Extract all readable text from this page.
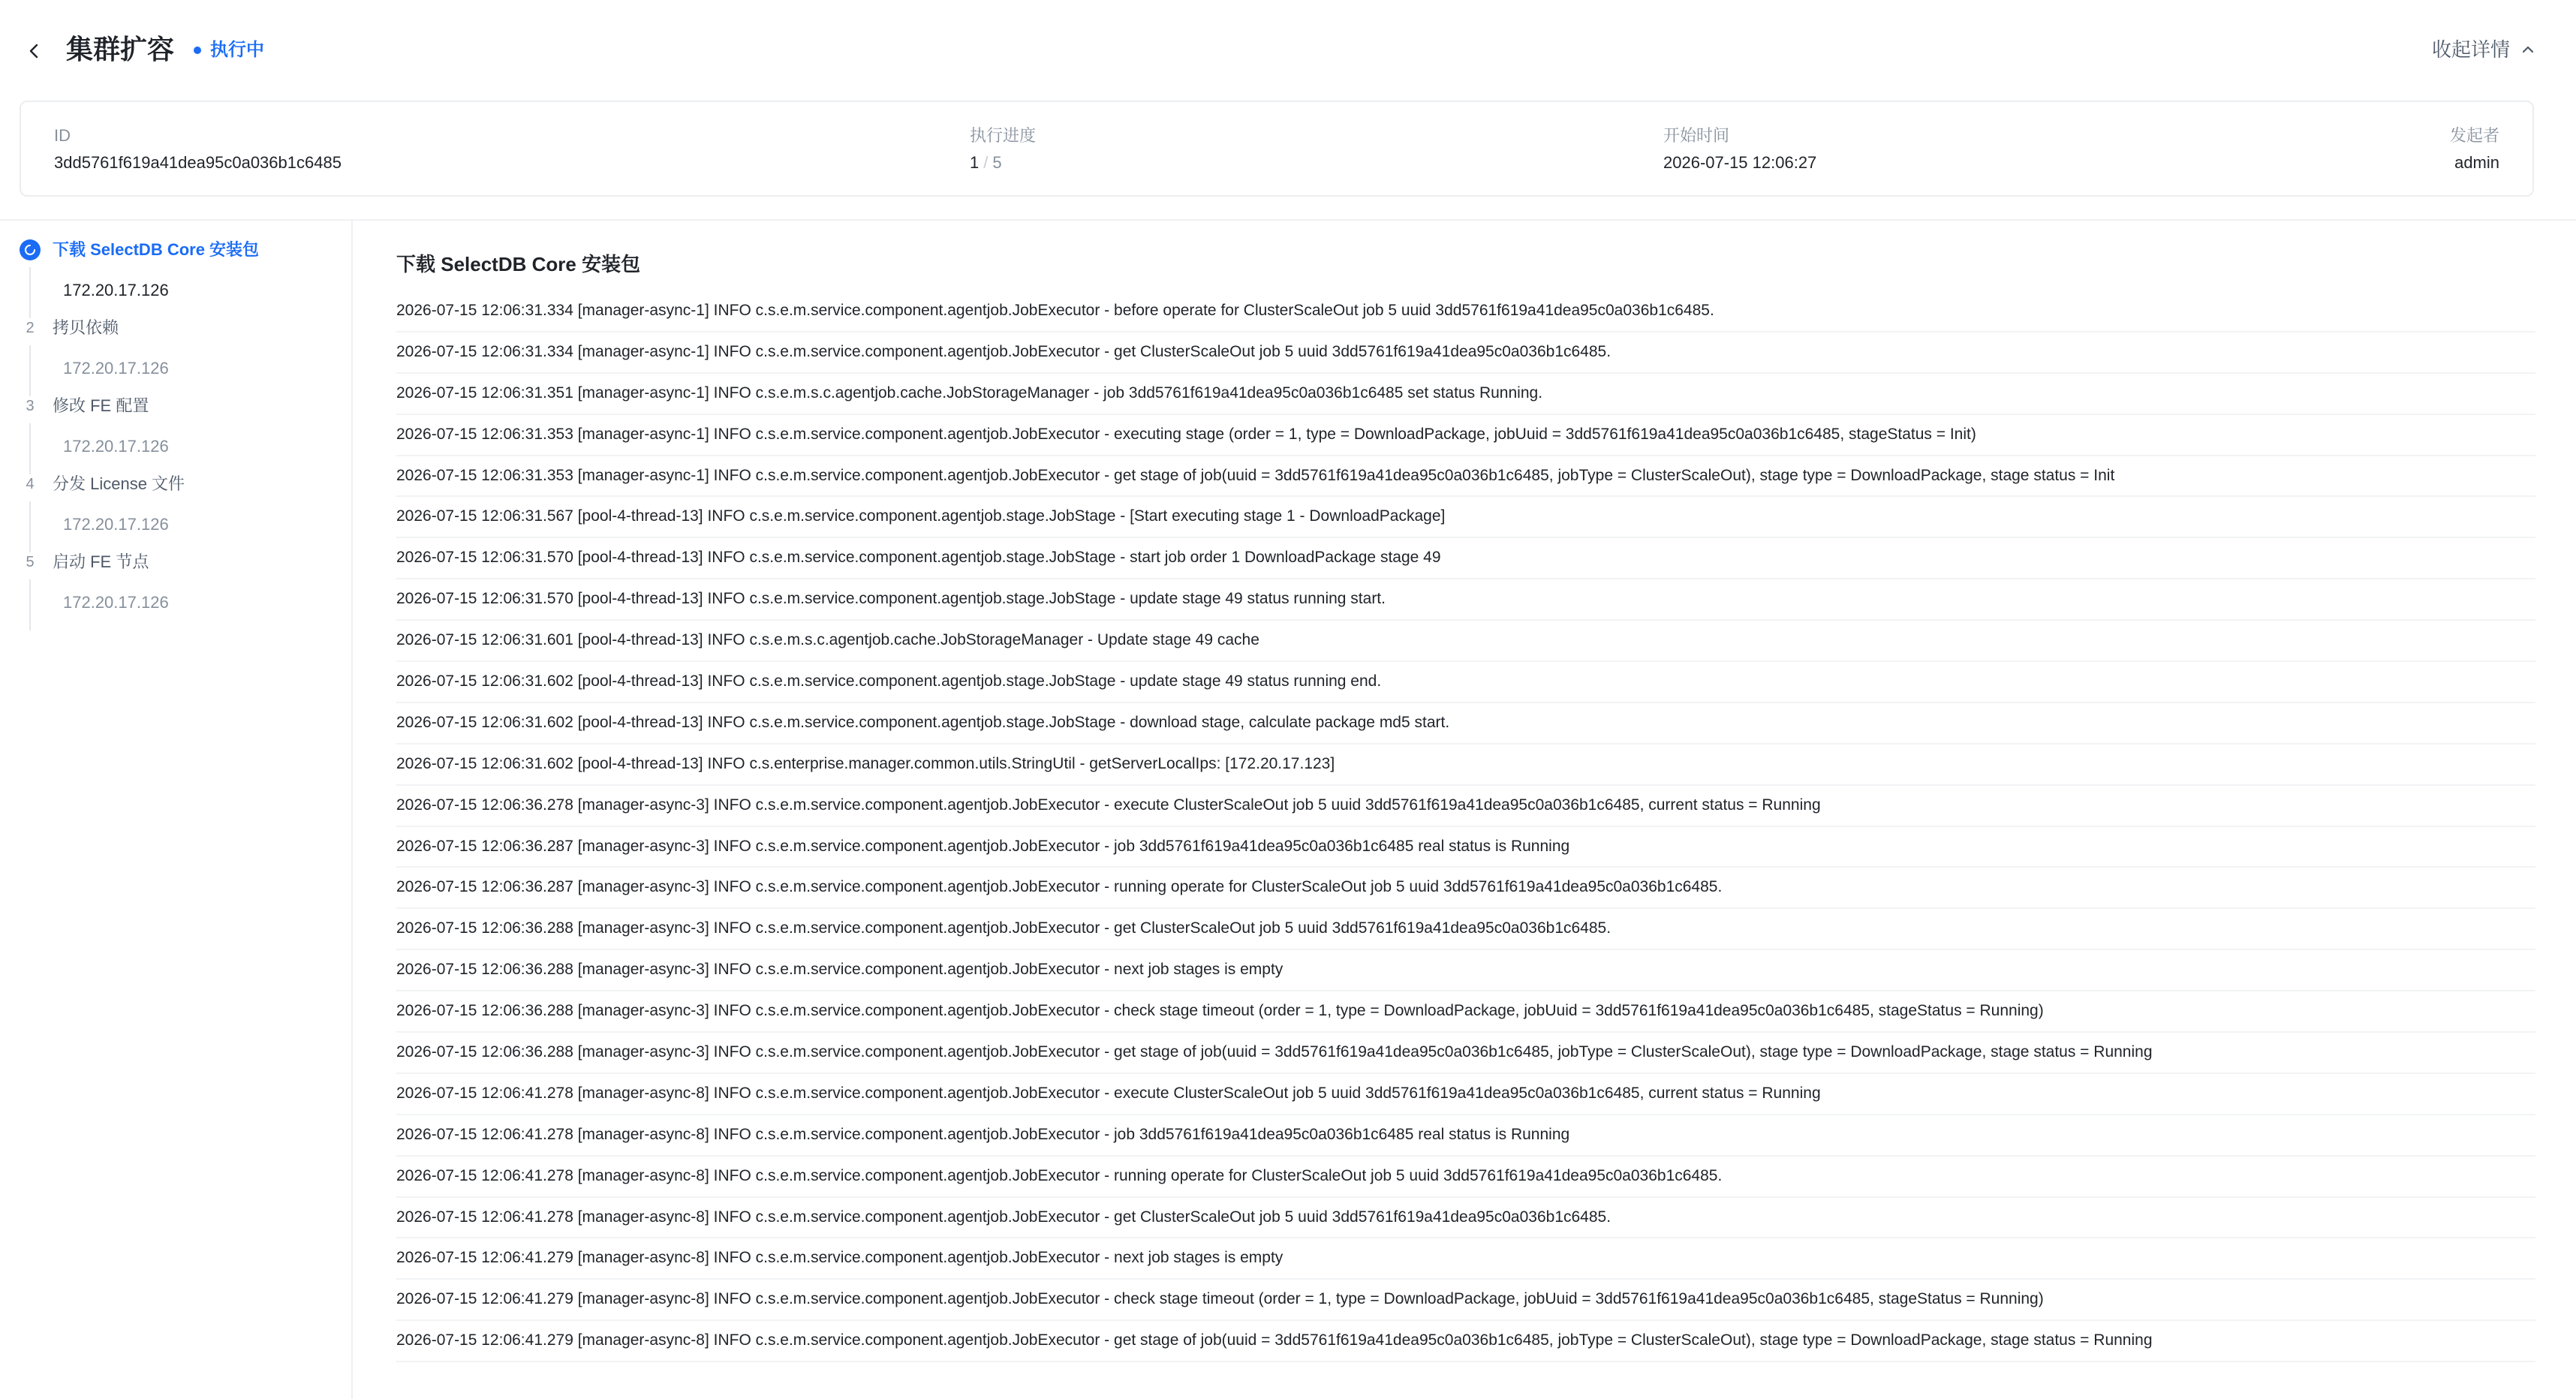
集群扩容 执行中	收起详情
ID
3dd5761f619a41dea95c0a036b1c6485
执行进度
1 / 5
开始时间
2026-07-15 12:06:27
发起者
admin
下载 SelectDB Core 安装包
172.20.17.126
2	拷贝依赖
172.20.17.126
3	修改 FE 配置
172.20.17.126
4	分发 License 文件
172.20.17.126
5	启动 FE 节点
172.20.17.126
下载 SelectDB Core 安装包
2026-07-15 12:06:31.334 [manager-async-1] INFO c.s.e.m.service.component.agentjob.JobExecutor - before operate for ClusterScaleOut job 5 uuid 3dd5761f619a41dea95c0a036b1c6485.
2026-07-15 12:06:31.334 [manager-async-1] INFO c.s.e.m.service.component.agentjob.JobExecutor - get ClusterScaleOut job 5 uuid 3dd5761f619a41dea95c0a036b1c6485.
2026-07-15 12:06:31.351 [manager-async-1] INFO c.s.e.m.s.c.agentjob.cache.JobStorageManager - job 3dd5761f619a41dea95c0a036b1c6485 set status Running.
2026-07-15 12:06:31.353 [manager-async-1] INFO c.s.e.m.service.component.agentjob.JobExecutor - executing stage (order = 1, type = DownloadPackage, jobUuid = 3dd5761f619a41dea95c0a036b1c6485, stageStatus = Init)
2026-07-15 12:06:31.353 [manager-async-1] INFO c.s.e.m.service.component.agentjob.JobExecutor - get stage of job(uuid = 3dd5761f619a41dea95c0a036b1c6485, jobType = ClusterScaleOut), stage type = DownloadPackage, stage status = Init
2026-07-15 12:06:31.567 [pool-4-thread-13] INFO c.s.e.m.service.component.agentjob.stage.JobStage - [Start executing stage 1 - DownloadPackage]
2026-07-15 12:06:31.570 [pool-4-thread-13] INFO c.s.e.m.service.component.agentjob.stage.JobStage - start job order 1 DownloadPackage stage 49
2026-07-15 12:06:31.570 [pool-4-thread-13] INFO c.s.e.m.service.component.agentjob.stage.JobStage - update stage 49 status running start.
2026-07-15 12:06:31.601 [pool-4-thread-13] INFO c.s.e.m.s.c.agentjob.cache.JobStorageManager - Update stage 49 cache
2026-07-15 12:06:31.602 [pool-4-thread-13] INFO c.s.e.m.service.component.agentjob.stage.JobStage - update stage 49 status running end.
2026-07-15 12:06:31.602 [pool-4-thread-13] INFO c.s.e.m.service.component.agentjob.stage.JobStage - download stage, calculate package md5 start.
2026-07-15 12:06:31.602 [pool-4-thread-13] INFO c.s.enterprise.manager.common.utils.StringUtil - getServerLocalIps: [172.20.17.123]
2026-07-15 12:06:36.278 [manager-async-3] INFO c.s.e.m.service.component.agentjob.JobExecutor - execute ClusterScaleOut job 5 uuid 3dd5761f619a41dea95c0a036b1c6485, current status = Running
2026-07-15 12:06:36.287 [manager-async-3] INFO c.s.e.m.service.component.agentjob.JobExecutor - job 3dd5761f619a41dea95c0a036b1c6485 real status is Running
2026-07-15 12:06:36.287 [manager-async-3] INFO c.s.e.m.service.component.agentjob.JobExecutor - running operate for ClusterScaleOut job 5 uuid 3dd5761f619a41dea95c0a036b1c6485.
2026-07-15 12:06:36.288 [manager-async-3] INFO c.s.e.m.service.component.agentjob.JobExecutor - get ClusterScaleOut job 5 uuid 3dd5761f619a41dea95c0a036b1c6485.
2026-07-15 12:06:36.288 [manager-async-3] INFO c.s.e.m.service.component.agentjob.JobExecutor - next job stages is empty
2026-07-15 12:06:36.288 [manager-async-3] INFO c.s.e.m.service.component.agentjob.JobExecutor - check stage timeout (order = 1, type = DownloadPackage, jobUuid = 3dd5761f619a41dea95c0a036b1c6485, stageStatus = Running)
2026-07-15 12:06:36.288 [manager-async-3] INFO c.s.e.m.service.component.agentjob.JobExecutor - get stage of job(uuid = 3dd5761f619a41dea95c0a036b1c6485, jobType = ClusterScaleOut), stage type = DownloadPackage, stage status = Running
2026-07-15 12:06:41.278 [manager-async-8] INFO c.s.e.m.service.component.agentjob.JobExecutor - execute ClusterScaleOut job 5 uuid 3dd5761f619a41dea95c0a036b1c6485, current status = Running
2026-07-15 12:06:41.278 [manager-async-8] INFO c.s.e.m.service.component.agentjob.JobExecutor - job 3dd5761f619a41dea95c0a036b1c6485 real status is Running
2026-07-15 12:06:41.278 [manager-async-8] INFO c.s.e.m.service.component.agentjob.JobExecutor - running operate for ClusterScaleOut job 5 uuid 3dd5761f619a41dea95c0a036b1c6485.
2026-07-15 12:06:41.278 [manager-async-8] INFO c.s.e.m.service.component.agentjob.JobExecutor - get ClusterScaleOut job 5 uuid 3dd5761f619a41dea95c0a036b1c6485.
2026-07-15 12:06:41.279 [manager-async-8] INFO c.s.e.m.service.component.agentjob.JobExecutor - next job stages is empty
2026-07-15 12:06:41.279 [manager-async-8] INFO c.s.e.m.service.component.agentjob.JobExecutor - check stage timeout (order = 1, type = DownloadPackage, jobUuid = 3dd5761f619a41dea95c0a036b1c6485, stageStatus = Running)
2026-07-15 12:06:41.279 [manager-async-8] INFO c.s.e.m.service.component.agentjob.JobExecutor - get stage of job(uuid = 3dd5761f619a41dea95c0a036b1c6485, jobType = ClusterScaleOut), stage type = DownloadPackage, stage status = Running
